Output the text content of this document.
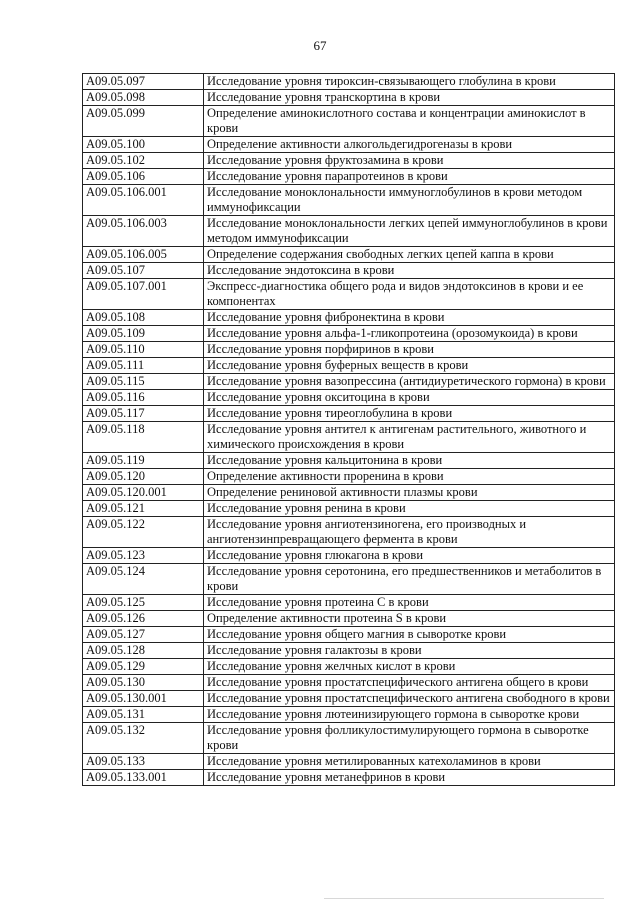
67
A09.05.097	Исследование уровня тироксин-связывающего глобулина в крови
A09.05.098	Исследование уровня транскортина в крови
A09.05.099	Определение аминокислотного состава и концентрации аминокислот в крови
A09.05.100	Определение активности алкогольдегидрогеназы в крови
A09.05.102	Исследование уровня фруктозамина в крови
A09.05.106	Исследование уровня парапротеинов в крови
A09.05.106.001	Исследование моноклональности иммуноглобулинов в крови методом иммунофиксации
A09.05.106.003	Исследование моноклональности легких цепей иммуноглобулинов в крови методом иммунофиксации
A09.05.106.005	Определение содержания свободных легких цепей каппа в крови
A09.05.107	Исследование эндотоксина в крови
A09.05.107.001	Экспресс-диагностика общего рода и видов эндотоксинов в крови и ее компонентах
A09.05.108	Исследование уровня фибронектина в крови
A09.05.109	Исследование уровня альфа-1-гликопротеина (орозомукоида) в крови
A09.05.110	Исследование уровня порфиринов в крови
A09.05.111	Исследование уровня буферных веществ в крови
A09.05.115	Исследование уровня вазопрессина (антидиуретического гормона) в крови
A09.05.116	Исследование уровня окситоцина в крови
A09.05.117	Исследование уровня тиреоглобулина в крови
A09.05.118	Исследование уровня антител к антигенам растительного, животного и химического происхождения в крови
A09.05.119	Исследование уровня кальцитонина в крови
A09.05.120	Определение активности проренина в крови
A09.05.120.001	Определение рениновой активности плазмы крови
A09.05.121	Исследование уровня ренина в крови
A09.05.122	Исследование уровня ангиотензиногена, его производных и ангиотензинпревращающего фермента в крови
A09.05.123	Исследование уровня глюкагона в крови
A09.05.124	Исследование уровня серотонина, его предшественников и метаболитов в крови
A09.05.125	Исследование уровня протеина C в крови
A09.05.126	Определение активности протеина S в крови
A09.05.127	Исследование уровня общего магния в сыворотке крови
A09.05.128	Исследование уровня галактозы в крови
A09.05.129	Исследование уровня желчных кислот в крови
A09.05.130	Исследование уровня простатспецифического антигена общего в крови
A09.05.130.001	Исследование уровня простатспецифического антигена свободного в крови
A09.05.131	Исследование уровня лютеинизирующего гормона в сыворотке крови
A09.05.132	Исследование уровня фолликулостимулирующего гормона в сыворотке крови
A09.05.133	Исследование уровня метилированных катехоламинов в крови
A09.05.133.001	Исследование уровня метанефринов в крови
